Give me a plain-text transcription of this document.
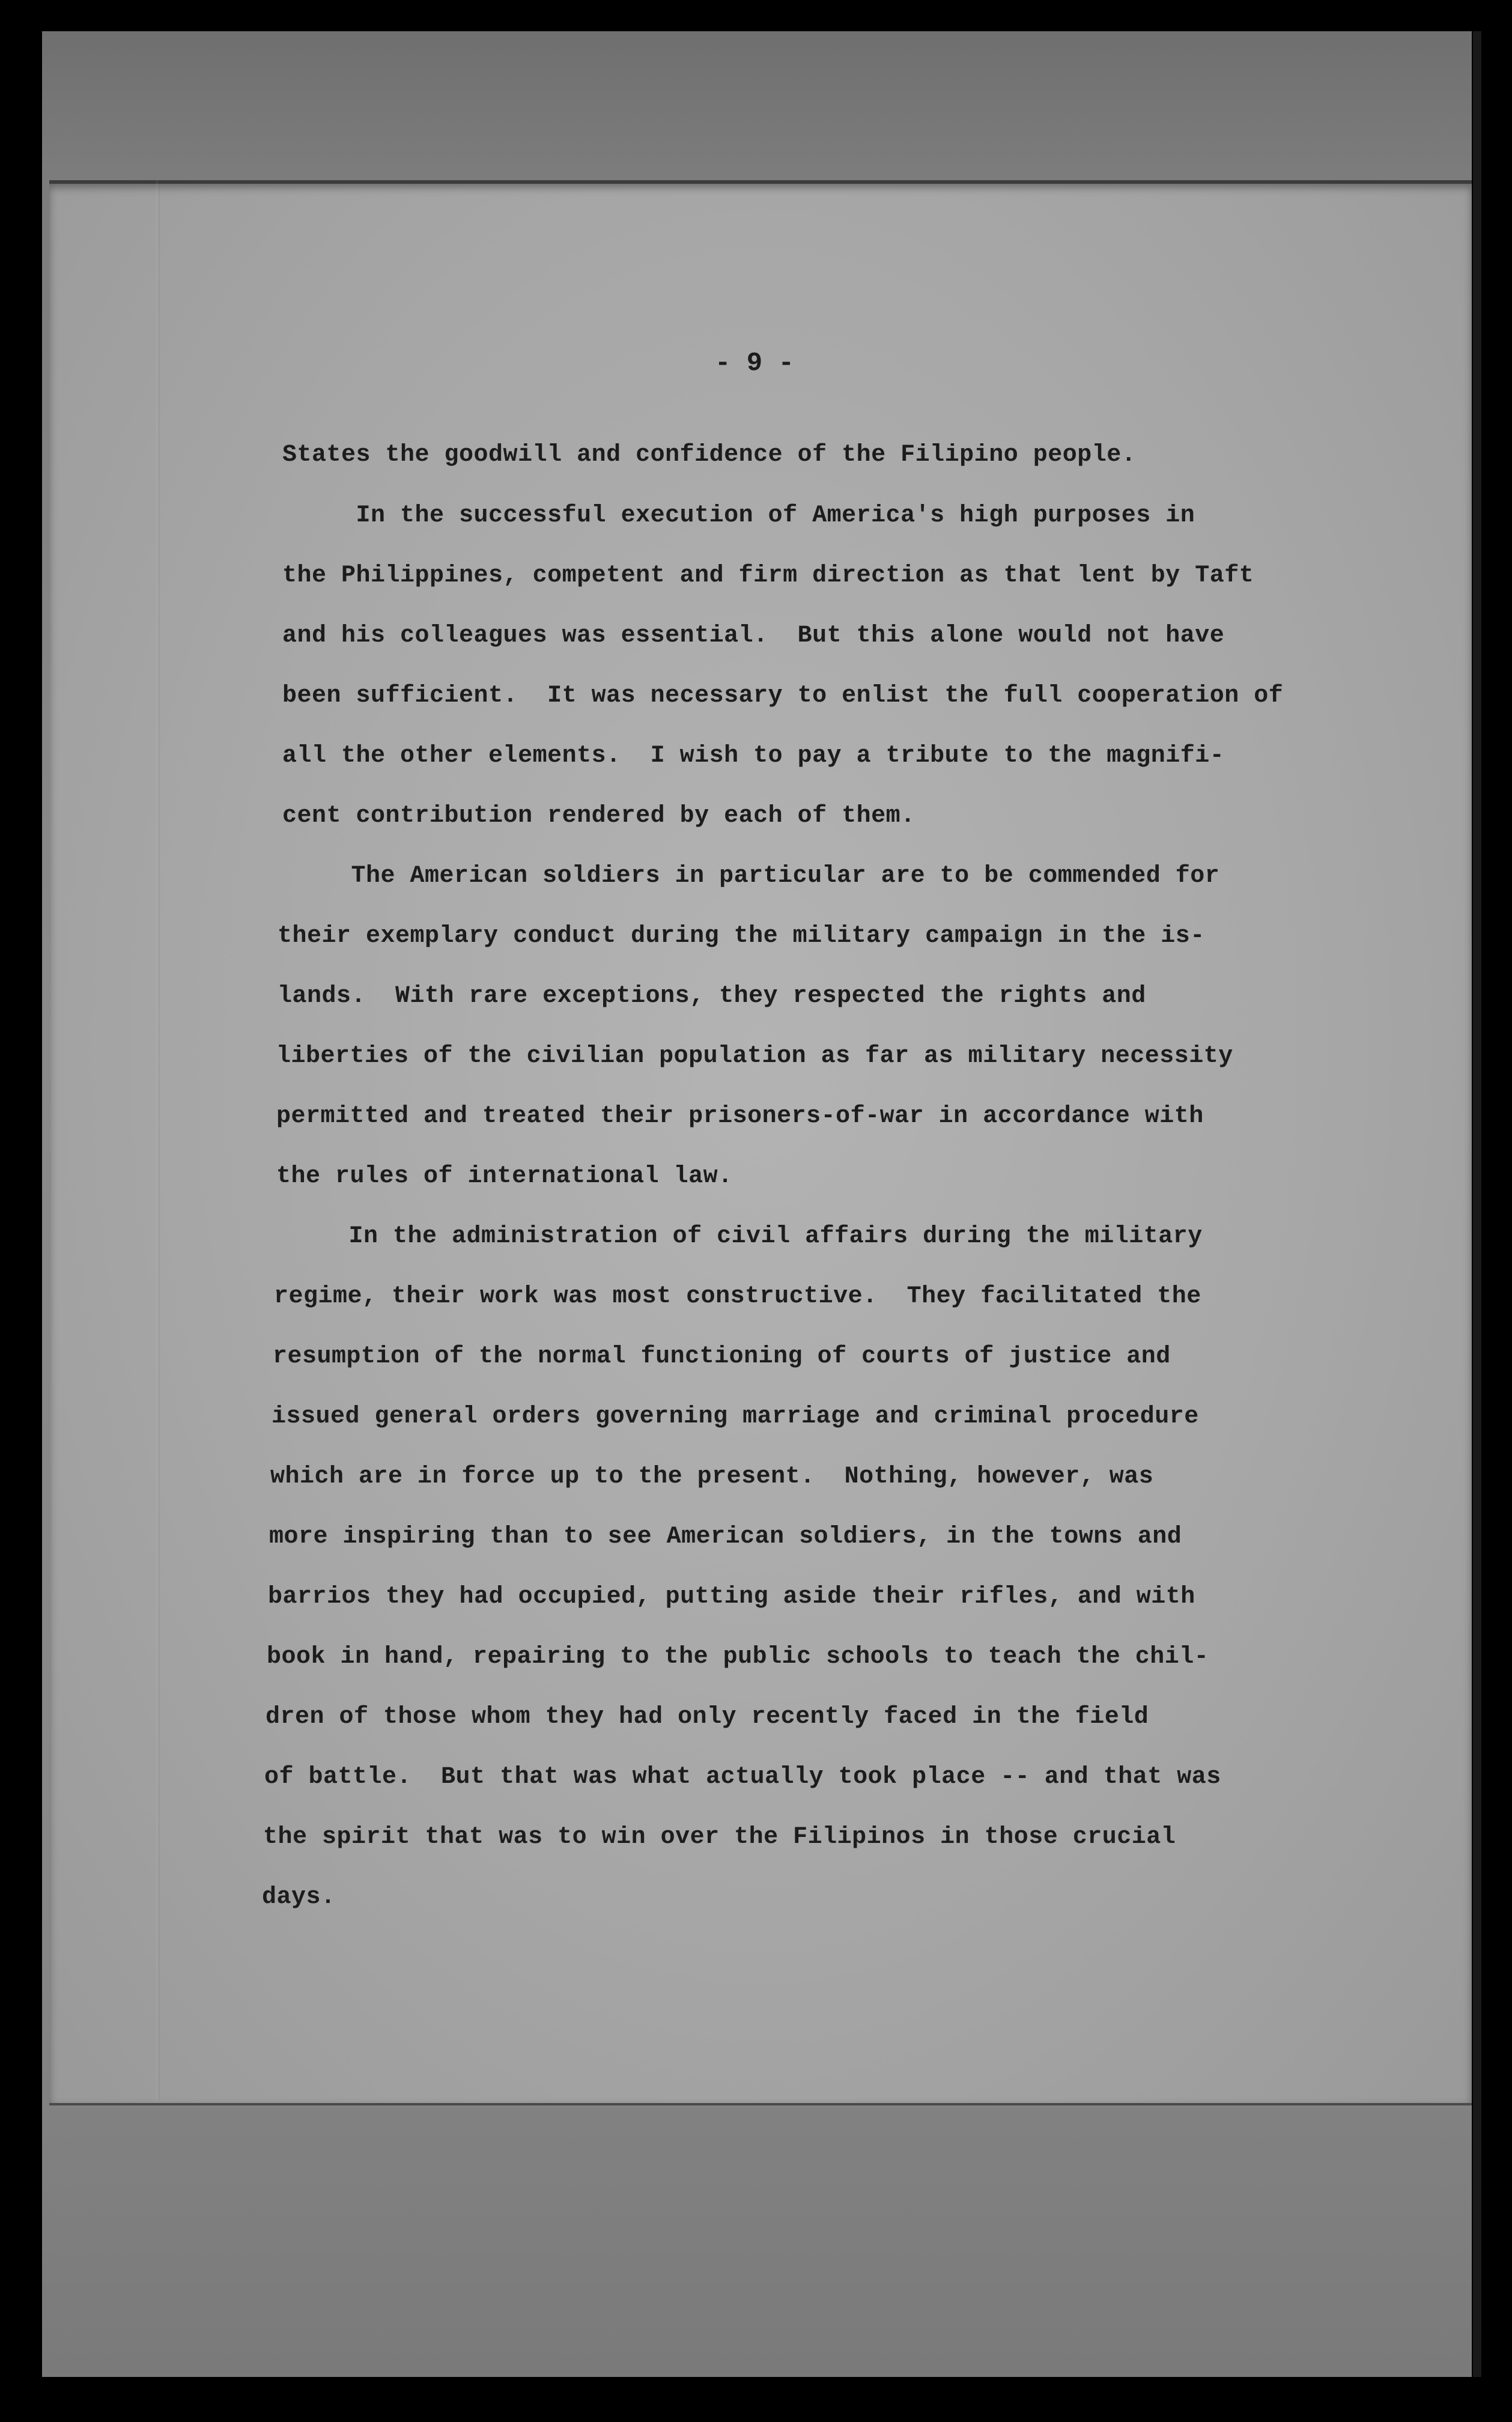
- 9 -
States the goodwill and confidence of the Filipino people.
In the successful execution of America's high purposes in
the Philippines, competent and firm direction as that lent by Taft
and his colleagues was essential.  But this alone would not have
been sufficient.  It was necessary to enlist the full cooperation of
all the other elements.  I wish to pay a tribute to the magnifi-
cent contribution rendered by each of them.
The American soldiers in particular are to be commended for
their exemplary conduct during the military campaign in the is-
lands.  With rare exceptions, they respected the rights and
liberties of the civilian population as far as military necessity
permitted and treated their prisoners-of-war in accordance with
the rules of international law.
In the administration of civil affairs during the military
regime, their work was most constructive.  They facilitated the
resumption of the normal functioning of courts of justice and
issued general orders governing marriage and criminal procedure
which are in force up to the present.  Nothing, however, was
more inspiring than to see American soldiers, in the towns and
barrios they had occupied, putting aside their rifles, and with
book in hand, repairing to the public schools to teach the chil-
dren of those whom they had only recently faced in the field
of battle.  But that was what actually took place -- and that was
the spirit that was to win over the Filipinos in those crucial
days.
